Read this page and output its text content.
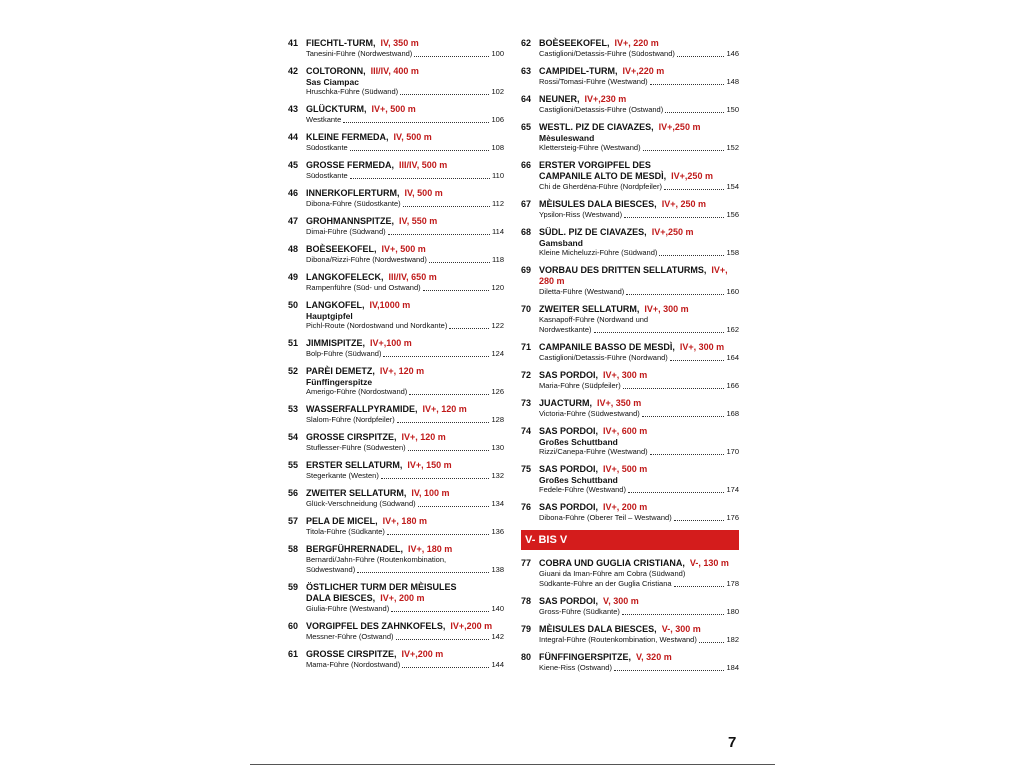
41 FIECHTL-TURM, IV, 350 m
Tanesini-Führe (Nordwestwand)	100
42 COLTORONN, III/IV, 400 m
Sas Ciampac
Hruschka-Führe (Südwand)	102
43 GLÜCKTURM, IV+, 500 m
Westkante	106
44 KLEINE FERMEDA, IV, 500 m
Südostkante	108
45 GROSSE FERMEDA, III/IV, 500 m
Südostkante	110
46 INNERKOFLERTURM, IV, 500 m
Dibona-Führe (Südostkante)	112
47 GROHMANNSPITZE, IV, 550 m
Dimai-Führe (Südwand)	114
48 BOÈSEEKOFEL, IV+, 500 m
Dibona/Rizzi-Führe (Nordwestwand)	118
49 LANGKOFELECK, III/IV, 650 m
Rampenführe (Süd- und Ostwand)	120
50 LANGKOFEL, IV,1000 m
Hauptgipfel
Pichl-Route (Nordostwand und Nordkante)	122
51 JIMMISPITZE, IV+,100 m
Bolp-Führe (Südwand)	124
52 PARÈI DEMETZ, IV+, 120 m
Fünffingerspitze
Amerigo-Führe (Nordostwand)	126
53 WASSERFALLPYRAMIDE, IV+, 120 m
Slalom-Führe (Nordpfeiler)	128
54 GROSSE CIRSPITZE, IV+, 120 m
Stuflesser-Führe (Südwesten)	130
55 ERSTER SELLATURM, IV+, 150 m
Stegerkante (Westen)	132
56 ZWEITER SELLATURM, IV, 100 m
Glück-Verschneidung (Südwand)	134
57 PELA DE MICEL, IV+, 180 m
Titola-Führe (Südkante)	136
58 BERGFÜHRERNADEL, IV+, 180 m
Bernardi/Jahn-Führe (Routenkombination,
Südwestwand)	138
59 ÖSTLICHER TURM DER MÈISULES
DALA BIESCES, IV+, 200 m
Giulia-Führe (Westwand)	140
60 VORGIPFEL DES ZAHNKOFELS, IV+,200 m
Messner-Führe (Ostwand)	142
61 GROSSE CIRSPITZE, IV+,200 m
Mama-Führe (Nordostwand)	144
62 BOÈSEEKOFEL, IV+, 220 m
Castiglioni/Detassis-Führe (Südostwand)	146
63 CAMPIDEL-TURM, IV+,220 m
Rossi/Tomasi-Führe (Westwand)	148
64 NEUNER, IV+,230 m
Castiglioni/Detassis-Führe (Ostwand)	150
65 WESTL. PIZ DE CIAVAZES, IV+,250 m
Mèsuleswand
Klettersteig-Führe (Westwand)	152
66 ERSTER VORGIPFEL DES
CAMPANILE ALTO DE MESDÌ, IV+,250 m
Chi de Gherdëna-Führe (Nordpfeiler)	154
67 MÈISULES DALA BIESCES, IV+, 250 m
Ypsilon-Riss (Westwand)	156
68 SÜDL. PIZ DE CIAVAZES, IV+,250 m
Gamsband
Kleine Micheluzzi-Führe (Südwand)	158
69 VORBAU DES DRITTEN SELLATURMS, IV+, 280 m
Diletta-Führe (Westwand)	160
70 ZWEITER SELLATURM, IV+, 300 m
Kasnapoff-Führe (Nordwand und
Nordwestkante)	162
71 CAMPANILE BASSO DE MESDÌ, IV+, 300 m
Castiglioni/Detassis-Führe (Nordwand)	164
72 SAS PORDOI, IV+, 300 m
Maria-Führe (Südpfeiler)	166
73 JUACTURM, IV+, 350 m
Victoria-Führe (Südwestwand)	168
74 SAS PORDOI, IV+, 600 m
Großes Schuttband
Rizzi/Canepa-Führe (Westwand)	170
75 SAS PORDOI, IV+, 500 m
Großes Schuttband
Fedele-Führe (Westwand)	174
76 SAS PORDOI, IV+, 200 m
Dibona-Führe (Oberer Teil – Westwand)	176
V- BIS V
77 COBRA UND GUGLIA CRISTIANA, V-, 130 m
Giuani da Iman-Führe am Cobra (Südwand)
Südkante-Führe an der Guglia Cristiana	178
78 SAS PORDOI, V, 300 m
Gross-Führe (Südkante)	180
79 MÈISULES DALA BIESCES, V-, 300 m
Integral-Führe (Routenkombination, Westwand)	182
80 FÜNFFINGERSPITZE, V, 320 m
Kiene-Riss (Ostwand)	184
7
